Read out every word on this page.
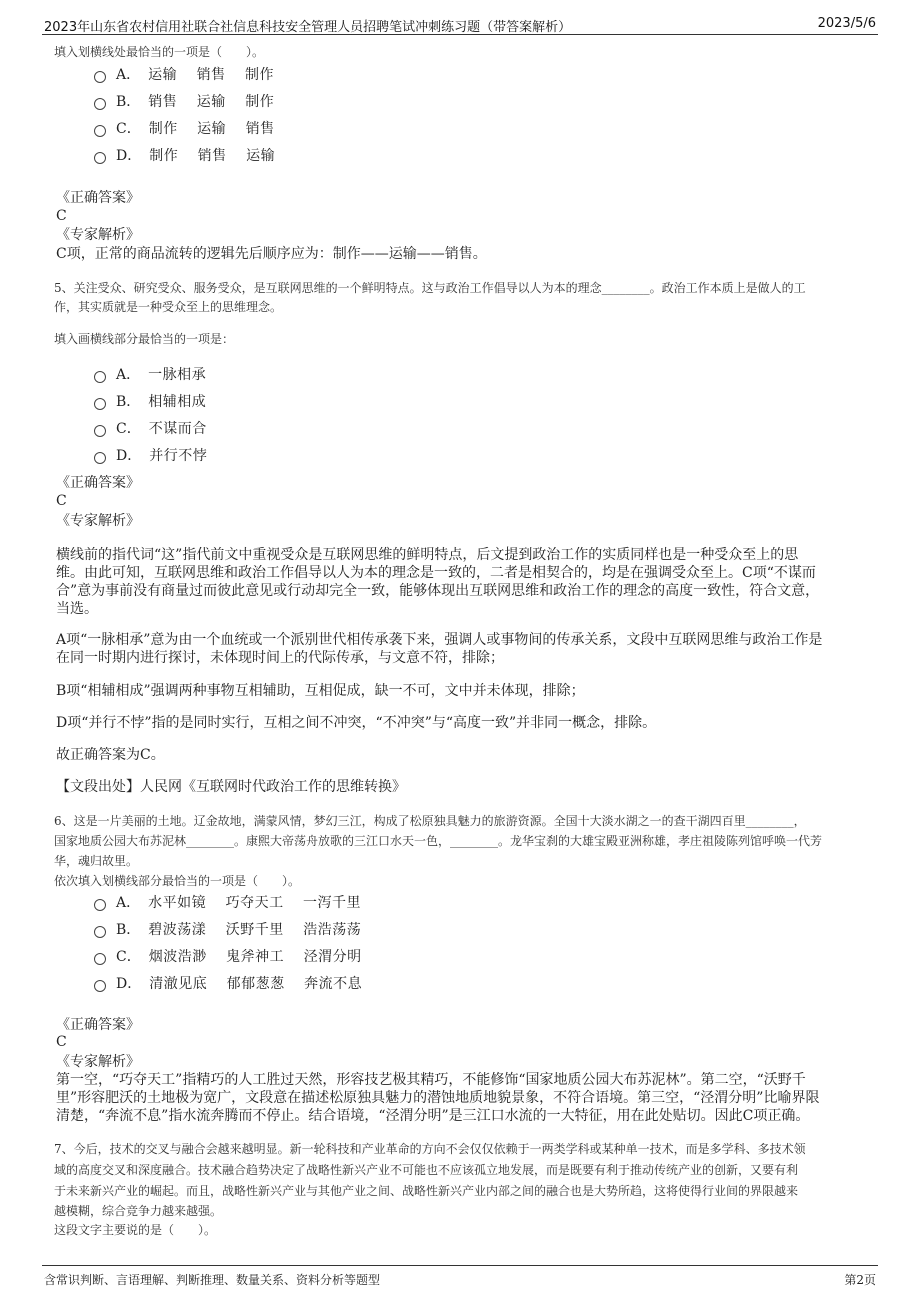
2023年山东省农村信用社联合社信息科技安全管理人员招聘笔试冲刺练习题（带答案解析）	2023/5/6
填入划横线处最恰当的一项是（　　）。
A． 运输　 销售　 制作
B． 销售　 运输　 制作
C． 制作　 运输　 销售
D． 制作　 销售　 运输
《正确答案》
C
《专家解析》
C项，正常的商品流转的逻辑先后顺序应为：制作——运输——销售。
5、关注受众、研究受众、服务受众，是互联网思维的一个鲜明特点。这与政治工作倡导以人为本的理念________。政治工作本质上是做人的工
作，其实质就是一种受众至上的思维理念。
填入画横线部分最恰当的一项是：
A． 一脉相承
B． 相辅相成
C． 不谋而合
D． 并行不悖
《正确答案》
C
《专家解析》
横线前的指代词“这”指代前文中重视受众是互联网思维的鲜明特点，后文提到政治工作的实质同样也是一种受众至上的思
维。由此可知，互联网思维和政治工作倡导以人为本的理念是一致的，二者是相契合的，均是在强调受众至上。C项“不谋而
合”意为事前没有商量过而彼此意见或行动却完全一致，能够体现出互联网思维和政治工作的理念的高度一致性，符合文意，
当选。
A项“一脉相承”意为由一个血统或一个派别世代相传承袭下来，强调人或事物间的传承关系，文段中互联网思维与政治工作是
在同一时期内进行探讨，未体现时间上的代际传承，与文意不符，排除；
B项“相辅相成”强调两种事物互相辅助，互相促成，缺一不可，文中并未体现，排除；
D项“并行不悖”指的是同时实行，互相之间不冲突，“不冲突”与“高度一致”并非同一概念，排除。
故正确答案为C。
【文段出处】人民网《互联网时代政治工作的思维转换》
6、这是一片美丽的土地。辽金故地，满蒙风情，梦幻三江，构成了松原独具魅力的旅游资源。全国十大淡水湖之一的查干湖四百里________，
国家地质公园大布苏泥林________。康熙大帝荡舟放歌的三江口水天一色，________。龙华宝刹的大雄宝殿亚洲称雄，孝庄祖陵陈列馆呼唤一代芳
华，魂归故里。
依次填入划横线部分最恰当的一项是（　　）。
A． 水平如镜　 巧夺天工　 一泻千里
B． 碧波荡漾　 沃野千里　 浩浩荡荡
C． 烟波浩渺　 鬼斧神工　 泾渭分明
D． 清澈见底　 郁郁葱葱　 奔流不息
《正确答案》
C
《专家解析》
第一空，“巧夺天工”指精巧的人工胜过天然，形容技艺极其精巧，不能修饰“国家地质公园大布苏泥林”。第二空，“沃野千
里”形容肥沃的土地极为宽广，文段意在描述松原独具魅力的潜蚀地质地貌景象，不符合语境。第三空，“泾渭分明”比喻界限
清楚，“奔流不息”指水流奔腾而不停止。结合语境，“泾渭分明”是三江口水流的一大特征，用在此处贴切。因此C项正确。
7、今后，技术的交叉与融合会越来越明显。新一轮科技和产业革命的方向不会仅仅依赖于一两类学科或某种单一技术，而是多学科、多技术领
域的高度交叉和深度融合。技术融合趋势决定了战略性新兴产业不可能也不应该孤立地发展，而是既要有利于推动传统产业的创新，又要有利
于未来新兴产业的崛起。而且，战略性新兴产业与其他产业之间、战略性新兴产业内部之间的融合也是大势所趋，这将使得行业间的界限越来
越模糊，综合竞争力越来越强。
这段文字主要说的是（　　）。
含常识判断、言语理解、判断推理、数量关系、资料分析等题型	第2页
